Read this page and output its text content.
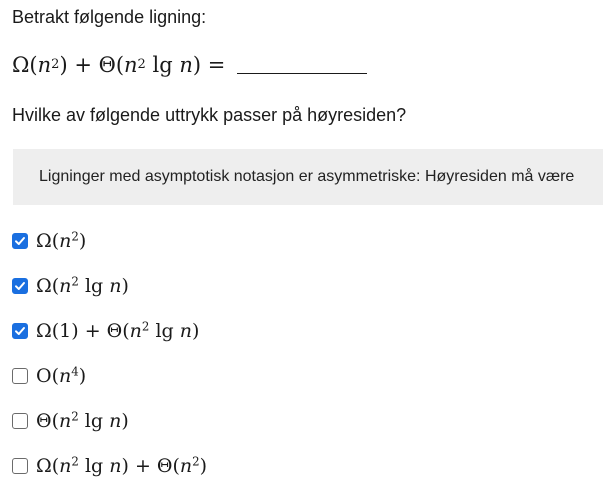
Betrakt følgende ligning:
Ω ( n 2 ) + Θ ( n 2 lg n ) =
Hvilke av følgende uttrykk passer på høyresiden?
Ligninger med asymptotisk notasjon er asymmetriske: Høyresiden må være
$\Omega(n^2)$
$\Omega(n^2$ lg n)
$\Omega(1) + \Theta(n^2$ lg n)
$O(n^4)$
$\Theta(n^2$ lg n)
$\Omega(n^2$ $\lg n) + \Theta(n^2)$
